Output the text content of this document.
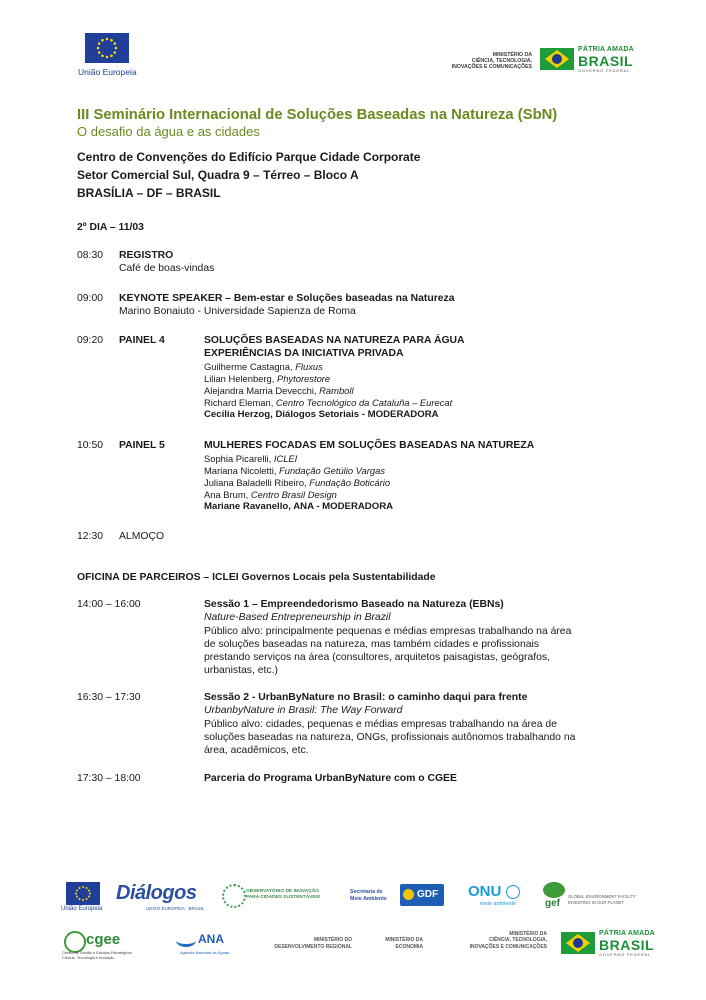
União Europeia
MINISTÉRIO DA
CIÊNCIA, TECNOLOGIA,
INOVAÇÕES E COMUNICAÇÕES
PÁTRIA AMADA
BRASIL
GOVERNO FEDERAL
III Seminário Internacional de Soluções Baseadas na Natureza (SbN)
O desafio da água e as cidades
Centro de Convenções do Edifício Parque Cidade Corporate
Setor Comercial Sul, Quadra 9 – Térreo – Bloco A
BRASÍLIA – DF – BRASIL
2º DIA – 11/03
08:30 REGISTRO
Café de boas-vindas
09:00 KEYNOTE SPEAKER – Bem-estar e Soluções baseadas na Natureza
Marino Bonaiuto - Universidade Sapienza de Roma
09:20 PAINEL 4	SOLUÇÕES BASEADAS NA NATUREZA PARA ÁGUA
EXPERIÊNCIAS DA INICIATIVA PRIVADA
Guilherme Castagna, Fluxus
Lilian Helenberg, Phytorestore
Alejandra Marria Devecchi, Ramboll
Richard Eleman, Centro Tecnológico da Cataluña – Eurecat
Cecília Herzog, Diálogos Setoriais - MODERADORA
10:50 PAINEL 5	MULHERES FOCADAS EM SOLUÇÕES BASEADAS NA NATUREZA
Sophia Picarelli, ICLEI
Mariana Nicoletti, Fundação Getúlio Vargas
Juliana Baladelli Ribeiro, Fundação Boticário
Ana Brum, Centro Brasil Design
Mariane Ravanello, ANA - MODERADORA
12:30 ALMOÇO
OFICINA DE PARCEIROS – ICLEI Governos Locais pela Sustentabilidade
14:00 – 16:00	Sessão 1 – Empreendedorismo Baseado na Natureza (EBNs)
Nature-Based Entrepreneurship in Brazil
Público alvo: principalmente pequenas e médias empresas trabalhando na área
de soluções baseadas na natureza, mas também cidades e profissionais
prestando serviços na área (consultores, arquitetos paisagistas, geógrafos,
urbanistas, etc.)
16:30 – 17:30	Sessão 2 - UrbanByNature no Brasil: o caminho daqui para frente
UrbanbyNature in Brasil: The Way Forward
Público alvo: cidades, pequenas e médias empresas trabalhando na área de
soluções baseadas na natureza, ONGs, profissionais autônomos trabalhando na
área, acadêmicos, etc.
17:30 – 18:00	Parceria do Programa UrbanByNature com o CGEE
União Europeia
Diálogos
UNIÃO EUROPEIA · BRASIL
OBSERVATÓRIO DE INOVAÇÃO
PARA CIDADES SUSTENTÁVEIS
Secretaria de
Meio Ambiente	GDF ONU
meio ambiente	gef
GLOBAL ENVIRONMENT FACILITY
INVESTING IN OUR PLANET
cgee
Centro de Gestão e Estudos Estratégicos
Ciência, Tecnologia e Inovação
ANA
Agência Nacional de Águas
MINISTÉRIO DO
DESENVOLVIMENTO REGIONAL
MINISTÉRIO DA
ECONOMIA
MINISTÉRIO DA
CIÊNCIA, TECNOLOGIA,
INOVAÇÕES E COMUNICAÇÕES
PÁTRIA AMADA
BRASIL
GOVERNO FEDERAL
